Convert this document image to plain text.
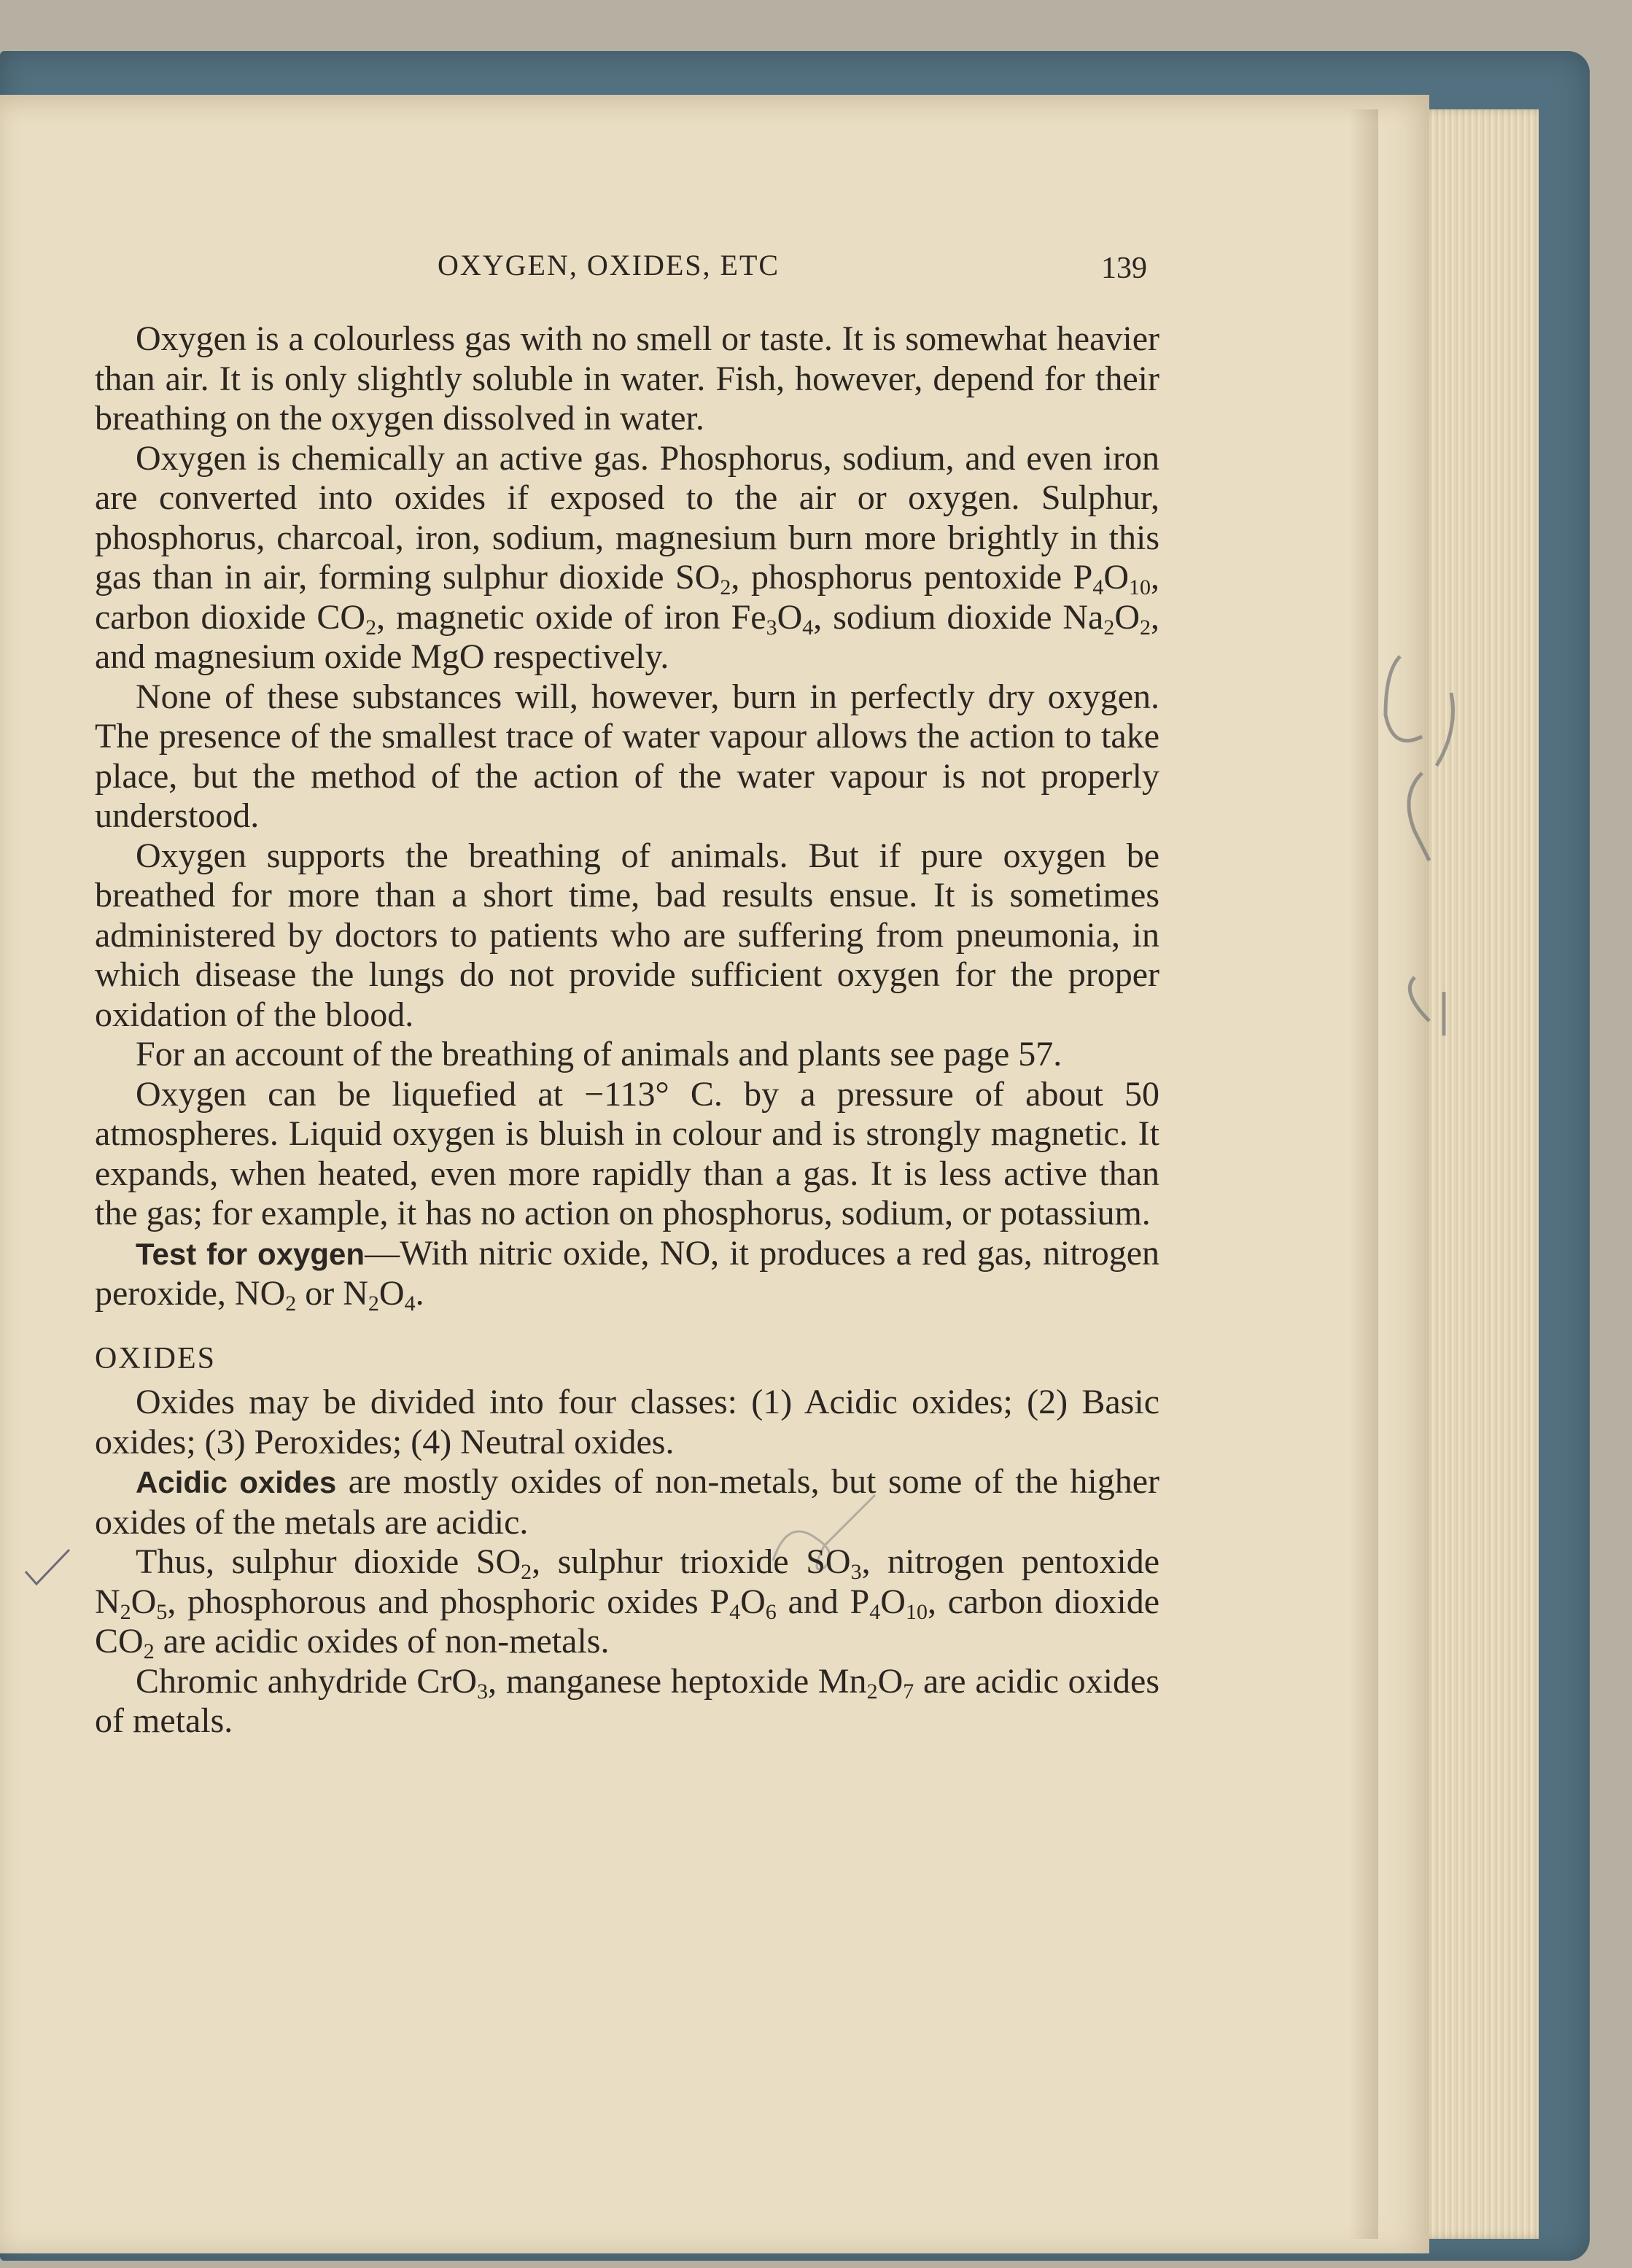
OXYGEN, OXIDES, ETC	139

Oxygen is a colourless gas with no smell or taste. It is somewhat heavier than air. It is only slightly soluble in water. Fish, however, depend for their breathing on the oxygen dissolved in water.

Oxygen is chemically an active gas. Phosphorus, sodium, and even iron are converted into oxides if exposed to the air or oxygen. Sulphur, phosphorus, charcoal, iron, sodium, magnesium burn more brightly in this gas than in air, forming sulphur dioxide $SO_2$, phosphorus pentoxide $P_4O_{10}$, carbon dioxide $CO_2$, magnetic oxide of iron $Fe_3O_4$, sodium dioxide $Na_2O_2$, and magnesium oxide MgO respectively.

None of these substances will, however, burn in perfectly dry oxygen. The presence of the smallest trace of water vapour allows the action to take place, but the method of the action of the water vapour is not properly understood.

Oxygen supports the breathing of animals. But if pure oxygen be breathed for more than a short time, bad results ensue. It is sometimes administered by doctors to patients who are suffering from pneumonia, in which disease the lungs do not provide sufficient oxygen for the proper oxidation of the blood.

For an account of the breathing of animals and plants see page 57.

Oxygen can be liquefied at −113° C. by a pressure of about 50 atmospheres. Liquid oxygen is bluish in colour and is strongly magnetic. It expands, when heated, even more rapidly than a gas. It is less active than the gas; for example, it has no action on phosphorus, sodium, or potassium.

Test for oxygen—With nitric oxide, NO, it produces a red gas, nitrogen peroxide, $NO_2$ or $N_2O_4$.

OXIDES

Oxides may be divided into four classes: (1) Acidic oxides; (2) Basic oxides; (3) Peroxides; (4) Neutral oxides.

Acidic oxides are mostly oxides of non-metals, but some of the higher oxides of the metals are acidic.

Thus, sulphur dioxide $SO_2$, sulphur trioxide $SO_3$, nitrogen pentoxide $N_2O_5$, phosphorous and phosphoric oxides $P_4O_6$ and $P_4O_{10}$, carbon dioxide $CO_2$ are acidic oxides of non-metals.

Chromic anhydride CrO$_3$, manganese heptoxide $Mn_2O_7$ are acidic oxides of metals.
